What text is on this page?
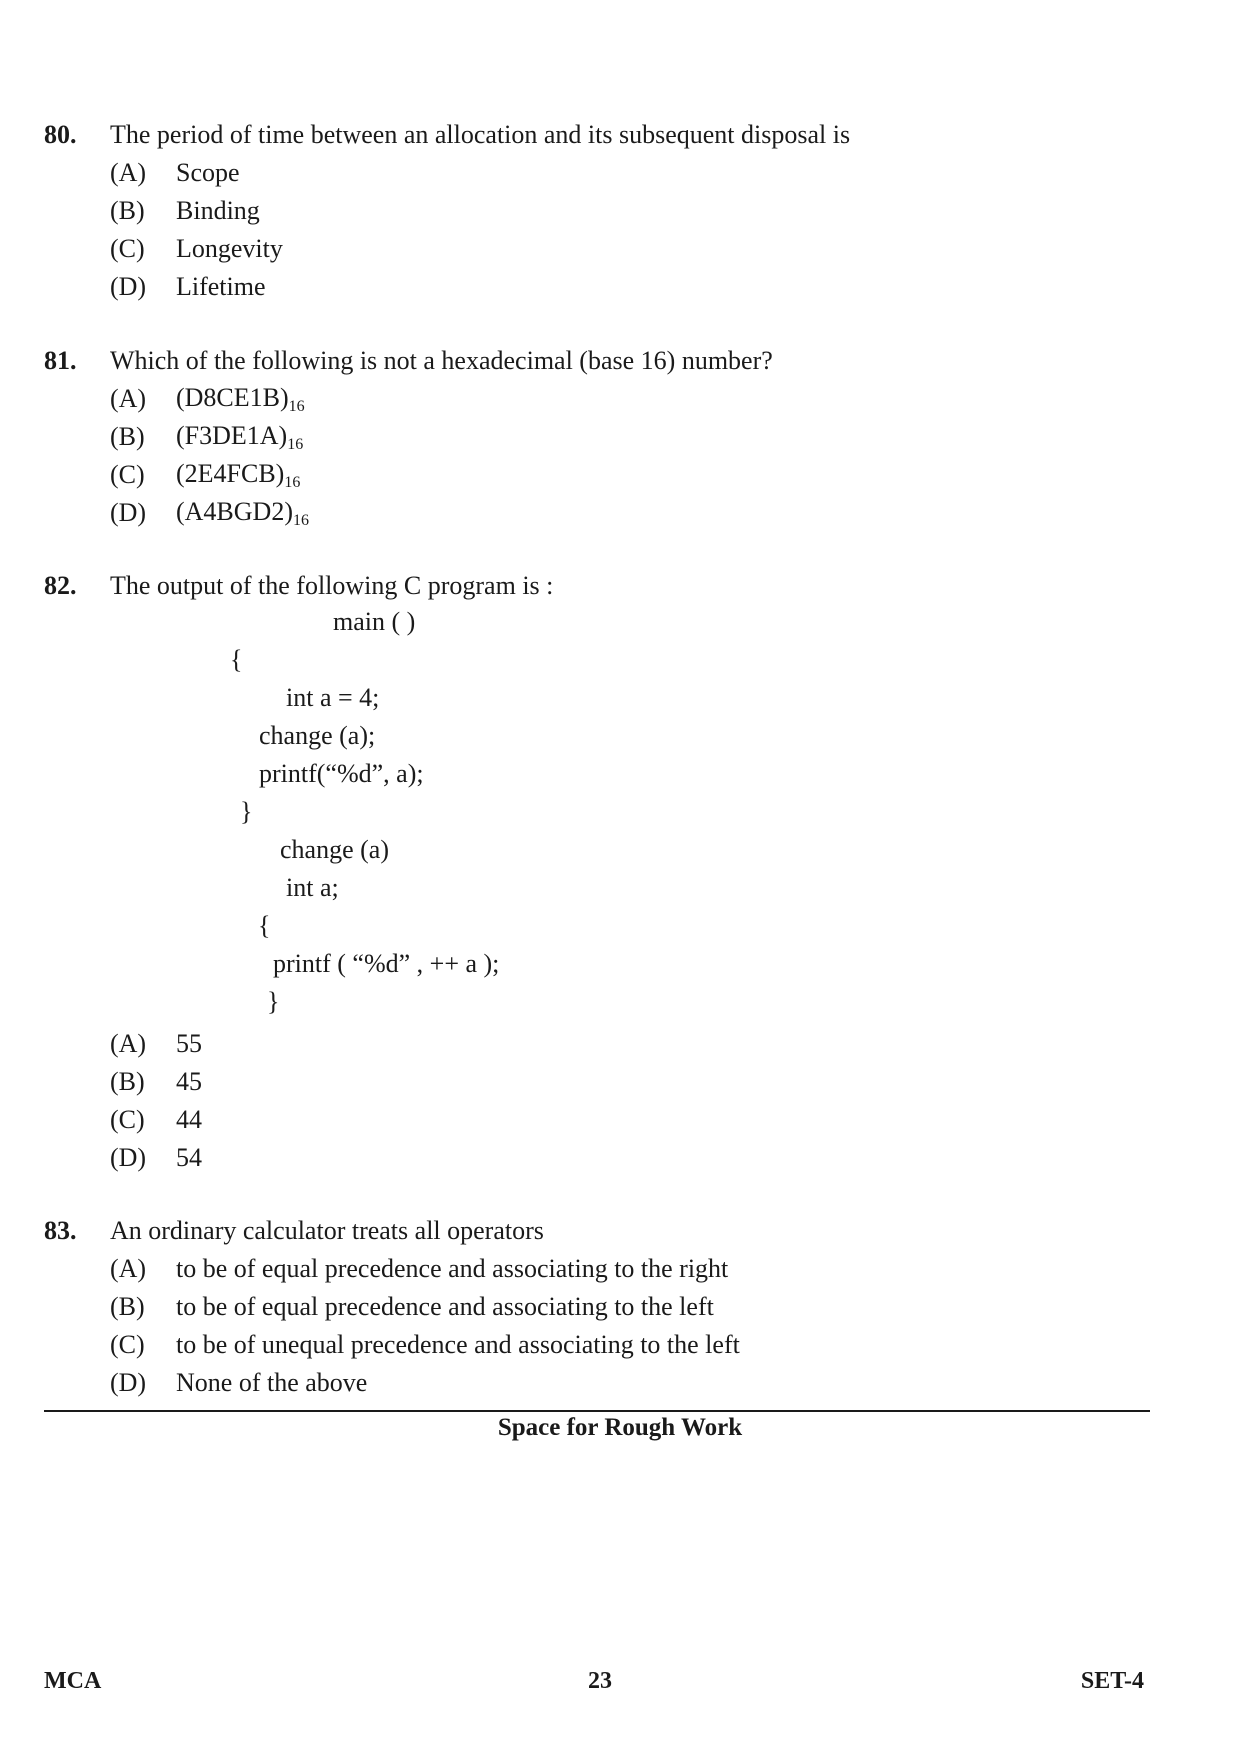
80.	The period of time between an allocation and its subsequent disposal is
(A)	Scope
(B)	Binding
(C)	Longevity
(D)	Lifetime
81.	Which of the following is not a hexadecimal (base 16) number?
(A)	$(D8CE1B)_{16}$
(B)	$(F3DE1A)_{16}$
(C)	$(2E4FCB)_{16}$
(D)	$(A4BGD2)_{16}$
82.	The output of the following C program is :
main ( )
{
int a = 4;
change (a);
printf(“%d”, a);
}
change (a)
int a;
{
printf ( “%d” , ++ a );
}
(A)	55
(B)	45
(C)	44
(D)	54
83.	An ordinary calculator treats all operators
(A)	to be of equal precedence and associating to the right
(B)	to be of equal precedence and associating to the left
(C)	to be of unequal precedence and associating to the left
(D)	None of the above
Space for Rough Work
MCA	23	SET-4
